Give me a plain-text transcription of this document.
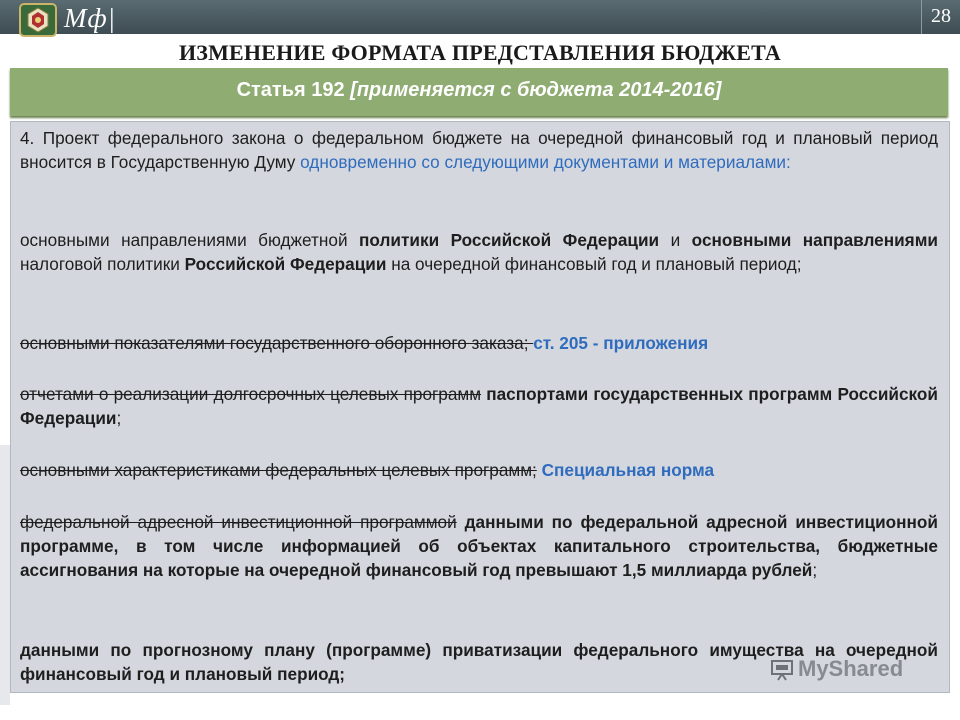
Мф|	28
ИЗМЕНЕНИЕ ФОРМАТА ПРЕДСТАВЛЕНИЯ БЮДЖЕТА
Статья 192 [применяется с бюджета 2014-2016]
4. Проект федерального закона о федеральном бюджете на очередной финансовый год и плановый период вносится в Государственную Думу одновременно со следующими документами и материалами:
основными направлениями бюджетной политики Российской Федерации и основными направлениями налоговой политики Российской Федерации на очередной финансовый год и плановый период;
основными показателями государственного оборонного заказа; ст. 205 - приложения
отчетами о реализации долгосрочных целевых программ паспортами государственных программ Российской Федерации;
основными характеристиками федеральных целевых программ; Специальная норма
федеральной адресной инвестиционной программой данными по федеральной адресной инвестиционной программе, в том числе информацией об объектах капитального строительства, бюджетные ассигнования на которые на очередной финансовый год превышают 1,5 миллиарда рублей;
данными по прогнозному плану (программе) приватизации федерального имущества на очередной финансовый год и плановый период;	MyShared
